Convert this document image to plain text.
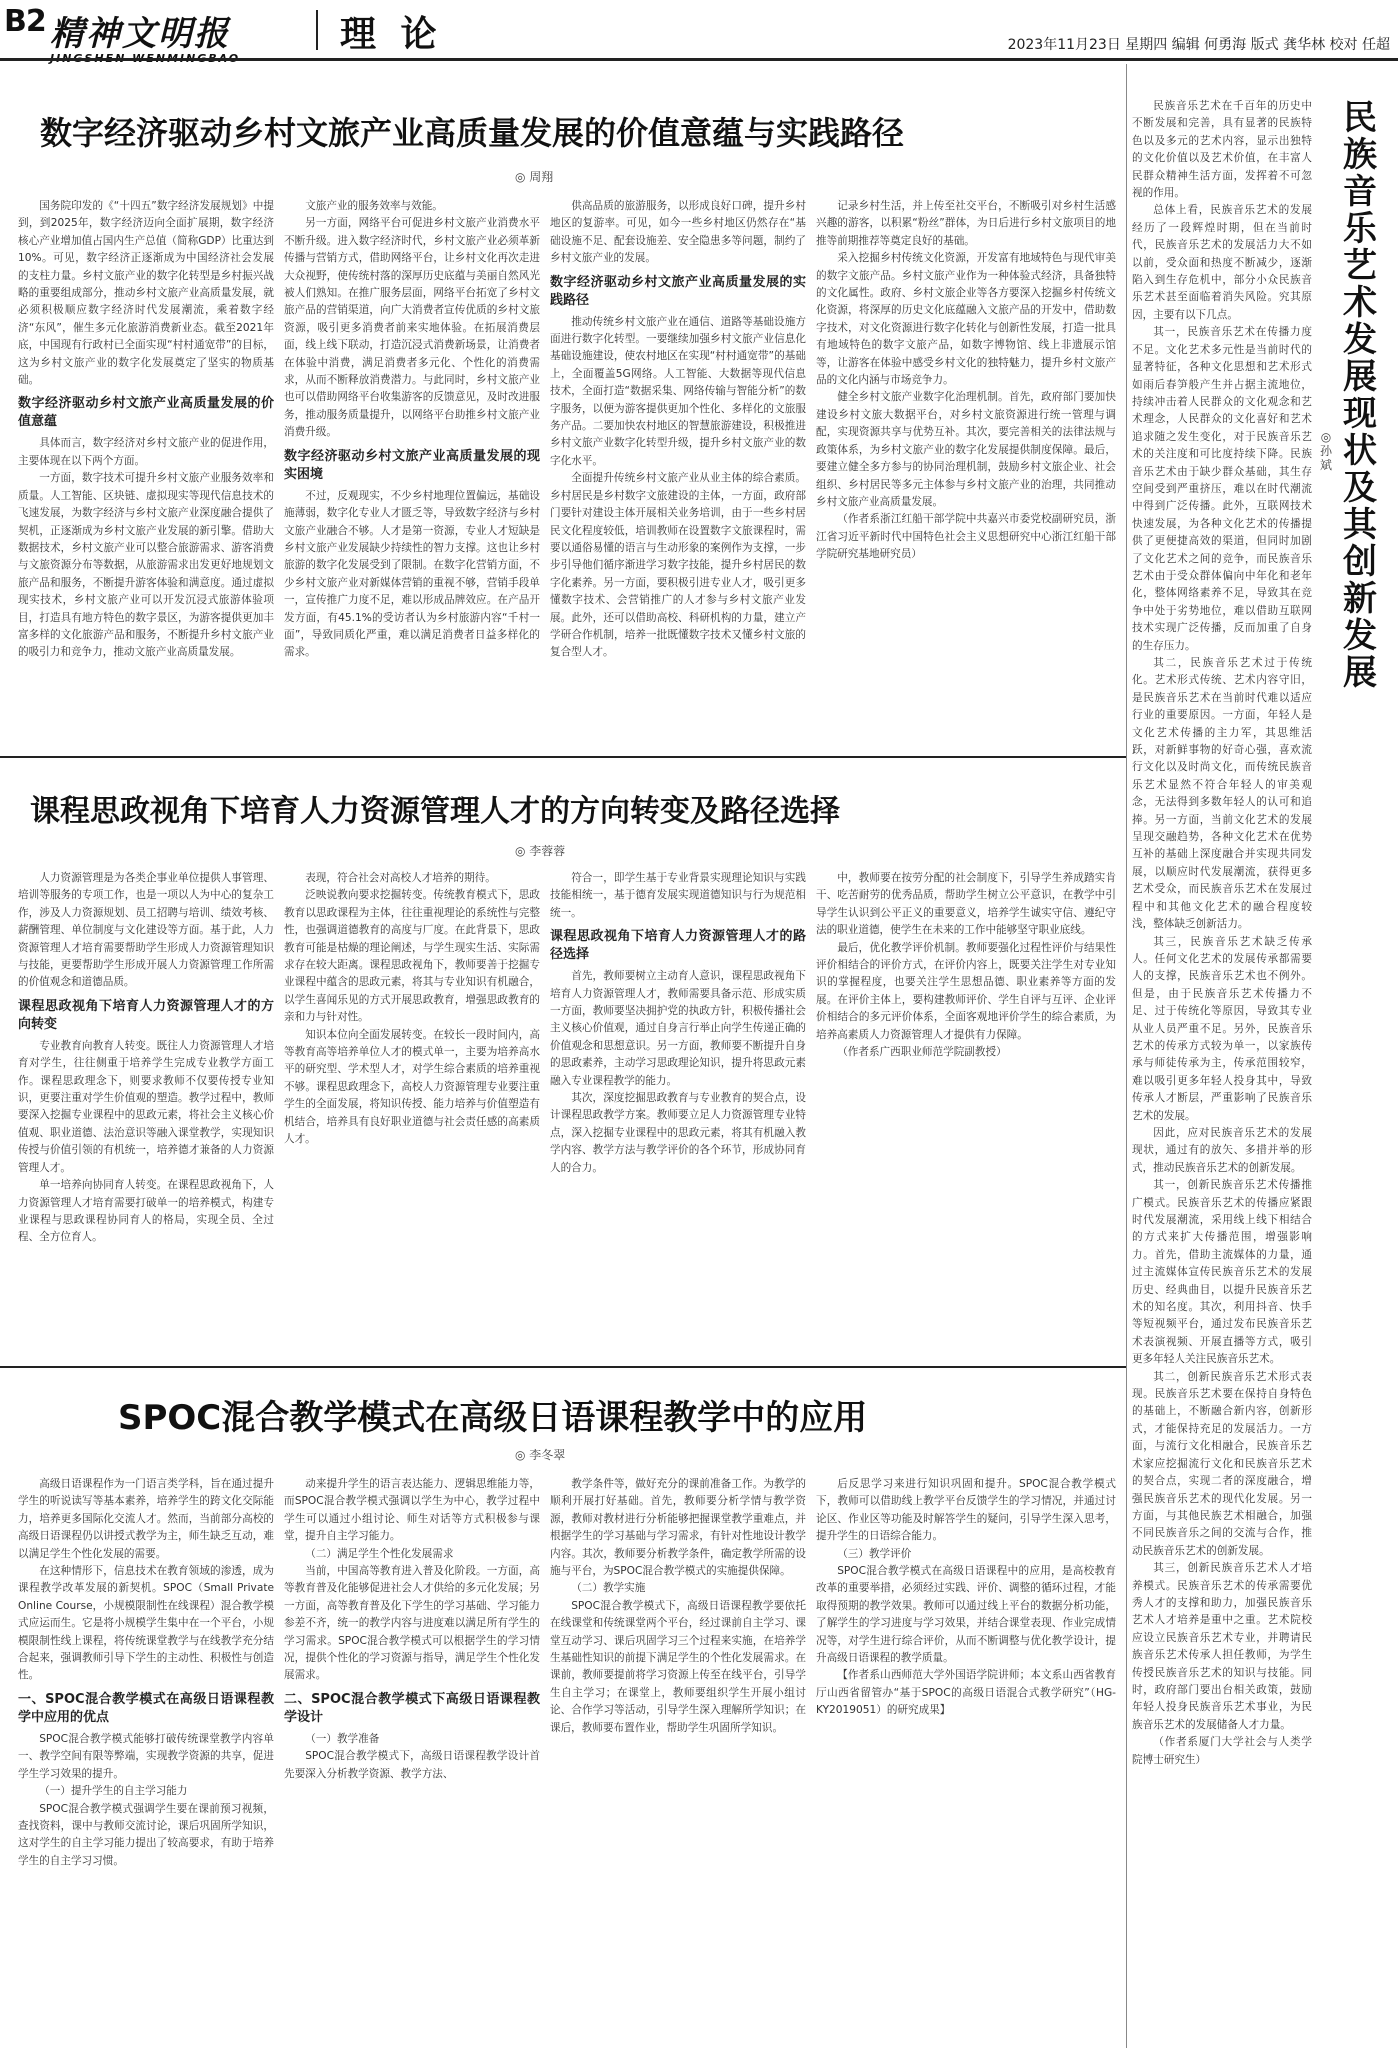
B2 精神文明报	理 论	2023年11月23日 星期四 编辑 何勇海 版式 龚华林 校对 任超
数字经济驱动乡村文旅产业高质量发展的价值意蕴与实践路径
◎ 周翔

国务院印发的《“十四五”数字经济发展规划》中提到，到2025年，数字经济迈向全面扩展期，数字经济核心产业增加值占国内生产总值（简称GDP）比重达到10%。可见，数字经济正逐渐成为中国经济社会发展的支柱力量。乡村文旅产业的数字化转型是乡村振兴战略的重要组成部分，推动乡村文旅产业高质量发展，就必须积极顺应数字经济时代发展潮流，乘着数字经济“东风”，催生多元化旅游消费新业态。截至2021年底，中国现有行政村已全面实现“村村通宽带”的目标，这为乡村文旅产业的数字化发展奠定了坚实的物质基础。

数字经济驱动乡村文旅产业高质量发展的价值意蕴

具体而言，数字经济对乡村文旅产业的促进作用，主要体现在以下两个方面。

一方面，数字技术可提升乡村文旅产业服务效率和质量。人工智能、区块链、虚拟现实等现代信息技术的飞速发展，为数字经济与乡村文旅产业深度融合提供了契机，正逐渐成为乡村文旅产业发展的新引擎。借助大数据技术，乡村文旅产业可以整合旅游需求、游客消费与文旅资源分布等数据，从旅游需求出发更好地规划文旅产品和服务，不断提升游客体验和满意度。通过虚拟现实技术，乡村文旅产业可以开发沉浸式旅游体验项目，打造具有地方特色的数字景区，为游客提供更加丰富多样的文化旅游产品和服务，不断提升乡村文旅产业的吸引力和竞争力，推动文旅产业高质量发展。

文旅产业的服务效率与效能。

另一方面，网络平台可促进乡村文旅产业消费水平不断升级。进入数字经济时代，乡村文旅产业必须革新传播与营销方式，借助网络平台，让乡村文化再次走进大众视野，使传统村落的深厚历史底蕴与美丽自然风光被人们熟知。在推广服务层面，网络平台拓宽了乡村文旅产品的营销渠道，向广大消费者宣传优质的乡村文旅资源，吸引更多消费者前来实地体验。在拓展消费层面，线上线下联动，打造沉浸式消费新场景，让消费者在体验中消费，满足消费者多元化、个性化的消费需求，从而不断释放消费潜力。与此同时，乡村文旅产业也可以借助网络平台收集游客的反馈意见，及时改进服务，推动服务质量提升，以网络平台助推乡村文旅产业消费升级。

数字经济驱动乡村文旅产业高质量发展的现实困境

不过，反观现实，不少乡村地理位置偏远，基础设施薄弱，数字化专业人才匮乏等，导致数字经济与乡村文旅产业融合不够。人才是第一资源，专业人才短缺是乡村文旅产业发展缺少持续性的智力支撑。这也让乡村旅游的数字化发展受到了限制。在数字化营销方面，不少乡村文旅产业对新媒体营销的重视不够，营销手段单一，宣传推广力度不足，难以形成品牌效应。在产品开发方面，有45.1%的受访者认为乡村旅游内容“千村一面”，导致同质化严重，难以满足消费者日益多样化的需求。

供高品质的旅游服务，以形成良好口碑，提升乡村地区的复游率。可见，如今一些乡村地区仍然存在“基础设施不足、配套设施差、安全隐患多等问题，制约了乡村文旅产业的发展。

数字经济驱动乡村文旅产业高质量发展的实践路径

推动传统乡村文旅产业在通信、道路等基础设施方面进行数字化转型。一要继续加强乡村文旅产业信息化基础设施建设，使农村地区在实现“村村通宽带”的基础上，全面覆盖5G网络。人工智能、大数据等现代信息技术，全面打造“数据采集、网络传输与智能分析”的数字服务，以便为游客提供更加个性化、多样化的文旅服务产品。二要加快农村地区的智慧旅游建设，积极推进乡村文旅产业数字化转型升级，提升乡村文旅产业的数字化水平。

全面提升传统乡村文旅产业从业主体的综合素质。乡村居民是乡村数字文旅建设的主体，一方面，政府部门要针对建设主体开展相关业务培训，由于一些乡村居民文化程度较低，培训教师在设置数字文旅课程时，需要以通俗易懂的语言与生动形象的案例作为支撑，一步步引导他们循序渐进学习数字技能，提升乡村居民的数字化素养。另一方面，要积极引进专业人才，吸引更多懂数字技术、会营销推广的人才参与乡村文旅产业发展。此外，还可以借助高校、科研机构的力量，建立产学研合作机制，培养一批既懂数字技术又懂乡村文旅的复合型人才。

记录乡村生活，并上传至社交平台，不断吸引对乡村生活感兴趣的游客，以积累“粉丝”群体，为日后进行乡村文旅项目的地推等前期推荐等奠定良好的基础。

采入挖掘乡村传统文化资源，开发富有地域特色与现代审美的数字文旅产品。乡村文旅产业作为一种体验式经济，具备独特的文化属性。政府、乡村文旅企业等各方要深入挖掘乡村传统文化资源，将深厚的历史文化底蕴融入文旅产品的开发中，借助数字技术，对文化资源进行数字化转化与创新性发展，打造一批具有地域特色的数字文旅产品，如数字博物馆、线上非遗展示馆等，让游客在体验中感受乡村文化的独特魅力，提升乡村文旅产品的文化内涵与市场竞争力。

健全乡村文旅产业数字化治理机制。首先，政府部门要加快建设乡村文旅大数据平台，对乡村文旅资源进行统一管理与调配，实现资源共享与优势互补。其次，要完善相关的法律法规与政策体系，为乡村文旅产业的数字化发展提供制度保障。最后，要建立健全多方参与的协同治理机制，鼓励乡村文旅企业、社会组织、乡村居民等多元主体参与乡村文旅产业的治理，共同推动乡村文旅产业高质量发展。

（作者系浙江红船干部学院中共嘉兴市委党校副研究员，浙江省习近平新时代中国特色社会主义思想研究中心浙江红船干部学院研究基地研究员）

课程思政视角下培育人力资源管理人才的方向转变及路径选择
◎ 李蓉蓉

人力资源管理是为各类企事业单位提供人事管理、培训等服务的专项工作，也是一项以人为中心的复杂工作，涉及人力资源规划、员工招聘与培训、绩效考核、薪酬管理、单位制度与文化建设等方面。基于此，人力资源管理人才培育需要帮助学生形成人力资源管理知识与技能，更要帮助学生形成开展人力资源管理工作所需的价值观念和道德品质。

课程思政视角下培育人力资源管理人才的方向转变

专业教育向教育人转变。既往人力资源管理人才培育对学生，往往侧重于培养学生完成专业教学方面工作。课程思政理念下，则要求教师不仅要传授专业知识，更要注重对学生价值观的塑造。教学过程中，教师要深入挖掘专业课程中的思政元素，将社会主义核心价值观、职业道德、法治意识等融入课堂教学，实现知识传授与价值引领的有机统一，培养德才兼备的人力资源管理人才。

单一培养向协同育人转变。在课程思政视角下，人力资源管理人才培育需要打破单一的培养模式，构建专业课程与思政课程协同育人的格局，实现全员、全过程、全方位育人。

表现，符合社会对高校人才培养的期待。

泛映说教向要求挖掘转变。传统教育模式下，思政教育以思政课程为主体，往往重视理论的系统性与完整性，也强调道德教育的高度与厂度。在此背景下，思政教育可能是枯燥的理论阐述，与学生现实生活、实际需求存在较大距离。课程思政视角下，教师要善于挖掘专业课程中蕴含的思政元素，将其与专业知识有机融合，以学生喜闻乐见的方式开展思政教育，增强思政教育的亲和力与针对性。

知识本位向全面发展转变。在较长一段时间内，高等教育高等培养单位人才的模式单一，主要为培养高水平的研究型、学术型人才，对学生综合素质的培养重视不够。课程思政理念下，高校人力资源管理专业要注重学生的全面发展，将知识传授、能力培养与价值塑造有机结合，培养具有良好职业道德与社会责任感的高素质人才。

符合一，即学生基于专业背景实现理论知识与实践技能相统一，基于德育发展实现道德知识与行为规范相统一。

课程思政视角下培育人力资源管理人才的路径选择

首先，教师要树立主动育人意识，课程思政视角下培育人力资源管理人才，教师需要具备示范、形成实质一方面，教师要坚决拥护党的执政方针，积极传播社会主义核心价值观，通过自身言行举止向学生传递正确的价值观念和思想意识。另一方面，教师要不断提升自身的思政素养，主动学习思政理论知识，提升将思政元素融入专业课程教学的能力。

其次，深度挖掘思政教育与专业教育的契合点，设计课程思政教学方案。教师要立足人力资源管理专业特点，深入挖掘专业课程中的思政元素，将其有机融入教学内容、教学方法与教学评价的各个环节，形成协同育人的合力。

中，教师要在按劳分配的社会制度下，引导学生养成踏实肯干、吃苦耐劳的优秀品质，帮助学生树立公平意识，在教学中引导学生认识到公平正义的重要意义，培养学生诚实守信、遵纪守法的职业道德，使学生在未来的工作中能够坚守职业底线。

最后，优化教学评价机制。教师要强化过程性评价与结果性评价相结合的评价方式，在评价内容上，既要关注学生对专业知识的掌握程度，也要关注学生思想品德、职业素养等方面的发展。在评价主体上，要构建教师评价、学生自评与互评、企业评价相结合的多元评价体系，全面客观地评价学生的综合素质，为培养高素质人力资源管理人才提供有力保障。

（作者系广西职业师范学院副教授）

SPOC混合教学模式在高级日语课程教学中的应用
◎ 李冬翠

高级日语课程作为一门语言类学科，旨在通过提升学生的听说读写等基本素养，培养学生的跨文化交际能力，培养更多国际化交流人才。然而，当前部分高校的高级日语课程仍以讲授式教学为主，师生缺乏互动，难以满足学生个性化发展的需要。

在这种情形下，信息技术在教育领域的渗透，成为课程教学改革发展的新契机。SPOC（Small Private Online Course，小规模限制性在线课程）混合教学模式应运而生。它是将小规模学生集中在一个平台，小规模限制性线上课程，将传统课堂教学与在线教学充分结合起来，强调教师引导下学生的主动性、积极性与创造性。

一、SPOC混合教学模式在高级日语课程教学中应用的优点

SPOC混合教学模式能够打破传统课堂教学内容单一、教学空间有限等弊端，实现教学资源的共享，促进学生学习效果的提升。

（一）提升学生的自主学习能力

SPOC混合教学模式强调学生要在课前预习视频，查找资料，课中与教师交流讨论，课后巩固所学知识，这对学生的自主学习能力提出了较高要求，有助于培养学生的自主学习习惯。

动来提升学生的语言表达能力、逻辑思维能力等，而SPOC混合教学模式强调以学生为中心，教学过程中学生可以通过小组讨论、师生对话等方式积极参与课堂，提升自主学习能力。

（二）满足学生个性化发展需求

当前，中国高等教育进入普及化阶段。一方面，高等教育普及化能够促进社会人才供给的多元化发展；另一方面，高等教育普及化下学生的学习基础、学习能力参差不齐，统一的教学内容与进度难以满足所有学生的学习需求。SPOC混合教学模式可以根据学生的学习情况，提供个性化的学习资源与指导，满足学生个性化发展需求。

二、SPOC混合教学模式下高级日语课程教学设计

（一）教学准备

SPOC混合教学模式下，高级日语课程教学设计首先要深入分析教学资源、教学方法、

教学条件等，做好充分的课前准备工作。为教学的顺利开展打好基础。首先，教师要分析学情与教学资源，教师对教材进行分析能够把握课堂教学重难点，并根据学生的学习基础与学习需求，有针对性地设计教学内容。其次，教师要分析教学条件，确定教学所需的设施与平台，为SPOC混合教学模式的实施提供保障。

（二）教学实施

SPOC混合教学模式下，高级日语课程教学要依托在线课堂和传统课堂两个平台，经过课前自主学习、课堂互动学习、课后巩固学习三个过程来实施，在培养学生基础性知识的前提下满足学生的个性化发展需求。在课前，教师要提前将学习资源上传至在线平台，引导学生自主学习；在课堂上，教师要组织学生开展小组讨论、合作学习等活动，引导学生深入理解所学知识；在课后，教师要布置作业，帮助学生巩固所学知识。

后反思学习来进行知识巩固和提升。SPOC混合教学模式下，教师可以借助线上教学平台反馈学生的学习情况，并通过讨论区、作业区等功能及时解答学生的疑问，引导学生深入思考，提升学生的日语综合能力。

（三）教学评价

SPOC混合教学模式在高级日语课程中的应用，是高校教育改革的重要举措，必须经过实践、评价、调整的循环过程，才能取得预期的教学效果。教师可以通过线上平台的数据分析功能，了解学生的学习进度与学习效果，并结合课堂表现、作业完成情况等，对学生进行综合评价，从而不断调整与优化教学设计，提升高级日语课程的教学质量。

【作者系山西师范大学外国语学院讲师；本文系山西省教育厅山西省留管办“基于SPOC的高级日语混合式教学研究”（HG-KY2019051）的研究成果】

民族音乐艺术在千百年的历史中不断发展和完善，具有显著的民族特色以及多元的艺术内容，显示出独特的文化价值以及艺术价值，在丰富人民群众精神生活方面，发挥着不可忽视的作用。

总体上看，民族音乐艺术的发展经历了一段辉煌时期，但在当前时代，民族音乐艺术的发展活力大不如以前，受众面和热度不断减少，逐渐陷入到生存危机中，部分小众民族音乐艺术甚至面临着消失风险。究其原因，主要有以下几点。

其一，民族音乐艺术在传播力度不足。文化艺术多元性是当前时代的显著特征，各种文化思想和艺术形式如雨后春笋般产生并占据主流地位，持续冲击着人民群众的文化观念和艺术理念，人民群众的文化喜好和艺术追求随之发生变化，对于民族音乐艺术的关注度和可比度持续下降。民族音乐艺术由于缺少群众基础，其生存空间受到严重挤压，难以在时代潮流中得到广泛传播。此外，互联网技术快速发展，为各种文化艺术的传播提供了更便捷高效的渠道，但同时加剧了文化艺术之间的竞争，而民族音乐艺术由于受众群体偏向中年化和老年化，整体网络素养不足，导致其在竞争中处于劣势地位，难以借助互联网技术实现广泛传播，反而加重了自身的生存压力。

其二，民族音乐艺术过于传统化。艺术形式传统、艺术内容守旧，是民族音乐艺术在当前时代难以适应行业的重要原因。一方面，年轻人是文化艺术传播的主力军，其思维活跃，对新鲜事物的好奇心强，喜欢流行文化以及时尚文化，而传统民族音乐艺术显然不符合年轻人的审美观念，无法得到多数年轻人的认可和追捧。另一方面，当前文化艺术的发展呈现交融趋势，各种文化艺术在优势互补的基础上深度融合并实现共同发展，以顺应时代发展潮流，获得更多艺术受众，而民族音乐艺术在发展过程中和其他文化艺术的融合程度较浅，整体缺乏创新活力。

其三，民族音乐艺术缺乏传承人。任何文化艺术的发展传承都需要人的支撑，民族音乐艺术也不例外。但是，由于民族音乐艺术传播力不足、过于传统化等原因，导致其专业从业人员严重不足。另外，民族音乐艺术的传承方式较为单一，以家族传承与师徒传承为主，传承范围较窄，难以吸引更多年轻人投身其中，导致传承人才断层，严重影响了民族音乐艺术的发展。

因此，应对民族音乐艺术的发展现状，通过有的放矢、多措并举的形式，推动民族音乐艺术的创新发展。

其一，创新民族音乐艺术传播推广模式。民族音乐艺术的传播应紧跟时代发展潮流，采用线上线下相结合的方式来扩大传播范围，增强影响力。首先，借助主流媒体的力量，通过主流媒体宣传民族音乐艺术的发展历史、经典曲目，以提升民族音乐艺术的知名度。其次，利用抖音、快手等短视频平台，通过发布民族音乐艺术表演视频、开展直播等方式，吸引更多年轻人关注民族音乐艺术。

其二，创新民族音乐艺术形式表现。民族音乐艺术要在保持自身特色的基础上，不断融合新内容，创新形式，才能保持充足的发展活力。一方面，与流行文化相融合，民族音乐艺术家应挖掘流行文化和民族音乐艺术的契合点，实现二者的深度融合，增强民族音乐艺术的现代化发展。另一方面，与其他民族艺术相融合，加强不同民族音乐之间的交流与合作，推动民族音乐艺术的创新发展。

其三，创新民族音乐艺术人才培养模式。民族音乐艺术的传承需要优秀人才的支撑和助力，加强民族音乐艺术人才培养是重中之重。艺术院校应设立民族音乐艺术专业，并聘请民族音乐艺术传承人担任教师，为学生传授民族音乐艺术的知识与技能。同时，政府部门要出台相关政策，鼓励年轻人投身民族音乐艺术事业，为民族音乐艺术的发展储备人才力量。

（作者系厦门大学社会与人类学院博士研究生）

民族音乐艺术发展现状及其创新发展
◎ 孙斌
